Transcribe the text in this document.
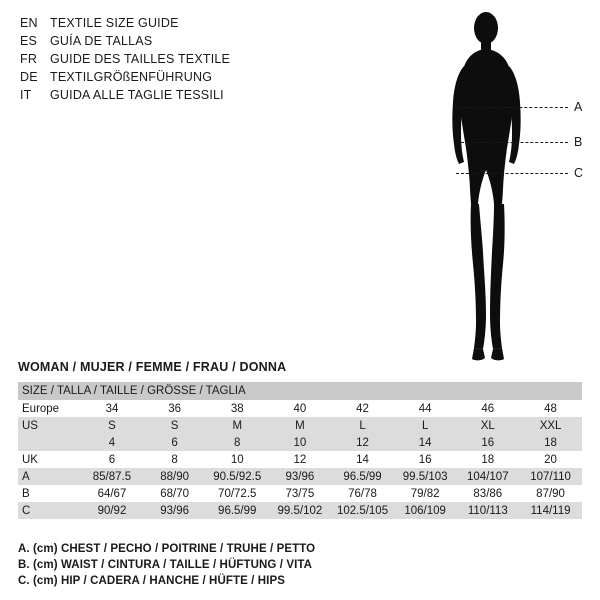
EN TEXTILE SIZE GUIDE
ES	GUÍA DE TALLAS
FR	GUIDE DES TAILLES TEXTILE
DE TEXTILGRÖßENFÜHRUNG
IT	GUIDA ALLE TAGLIE TESSILI
A
B
C
WOMAN / MUJER / FEMME / FRAU / DONNA
SIZE / TALLA / TAILLE / GRÖSSE / TAGLIA								
Europe	34	36	38	40	42	44	46	48
US	S	S	M	M	L	L	XL	XXL
	4	6	8	10	12	14	16	18
UK	6	8	10	12	14	16	18	20
A	85/87.5	88/90	90.5/92.5	93/96	96.5/99	99.5/103	104/107	107/110
B	64/67	68/70	70/72.5	73/75	76/78	79/82	83/86	87/90
C	90/92	93/96	96.5/99	99.5/102	102.5/105	106/109	110/113	114/119
A. (cm) CHEST / PECHO / POITRINE / TRUHE / PETTO
B. (cm) WAIST / CINTURA / TAILLE / HÜFTUNG / VITA
C. (cm) HIP / CADERA / HANCHE / HÜFTE / HIPS
